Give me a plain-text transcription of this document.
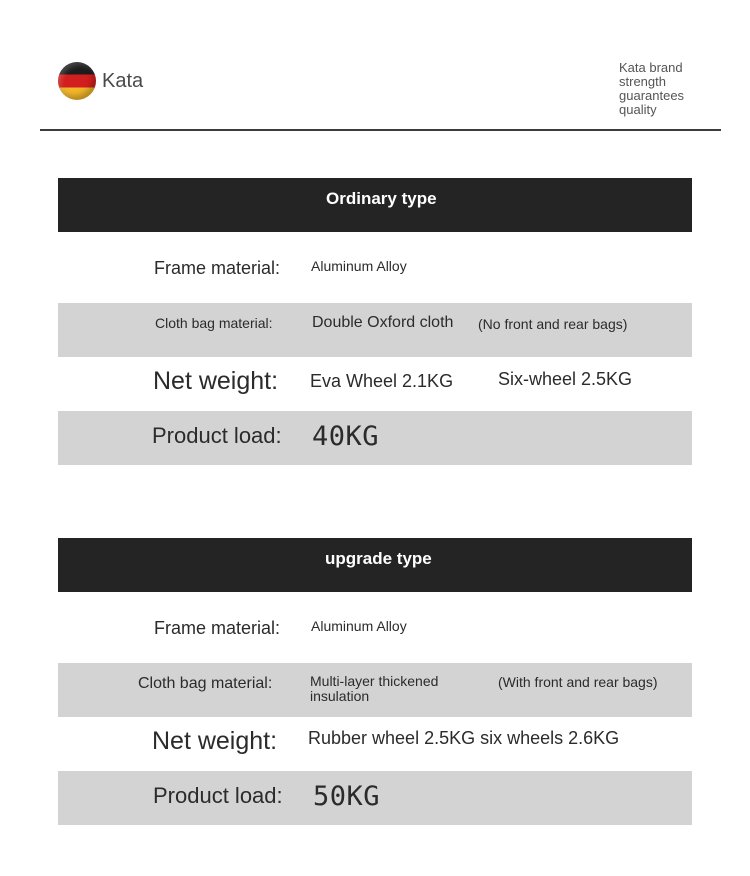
Kata
Kata brand
strength
guarantees
quality
Ordinary type
Frame material: Aluminum Alloy
Cloth bag material: Double Oxford cloth (No front and rear bags)
Net weight: Eva Wheel 2.1KG Six-wheel 2.5KG
Product load: 40KG
upgrade type
Frame material: Aluminum Alloy
Cloth bag material:	Multi-layer thickened
insulation
(With front and rear bags)
Net weight: Rubber wheel 2.5KG six wheels 2.6KG
Product load: 50KG
